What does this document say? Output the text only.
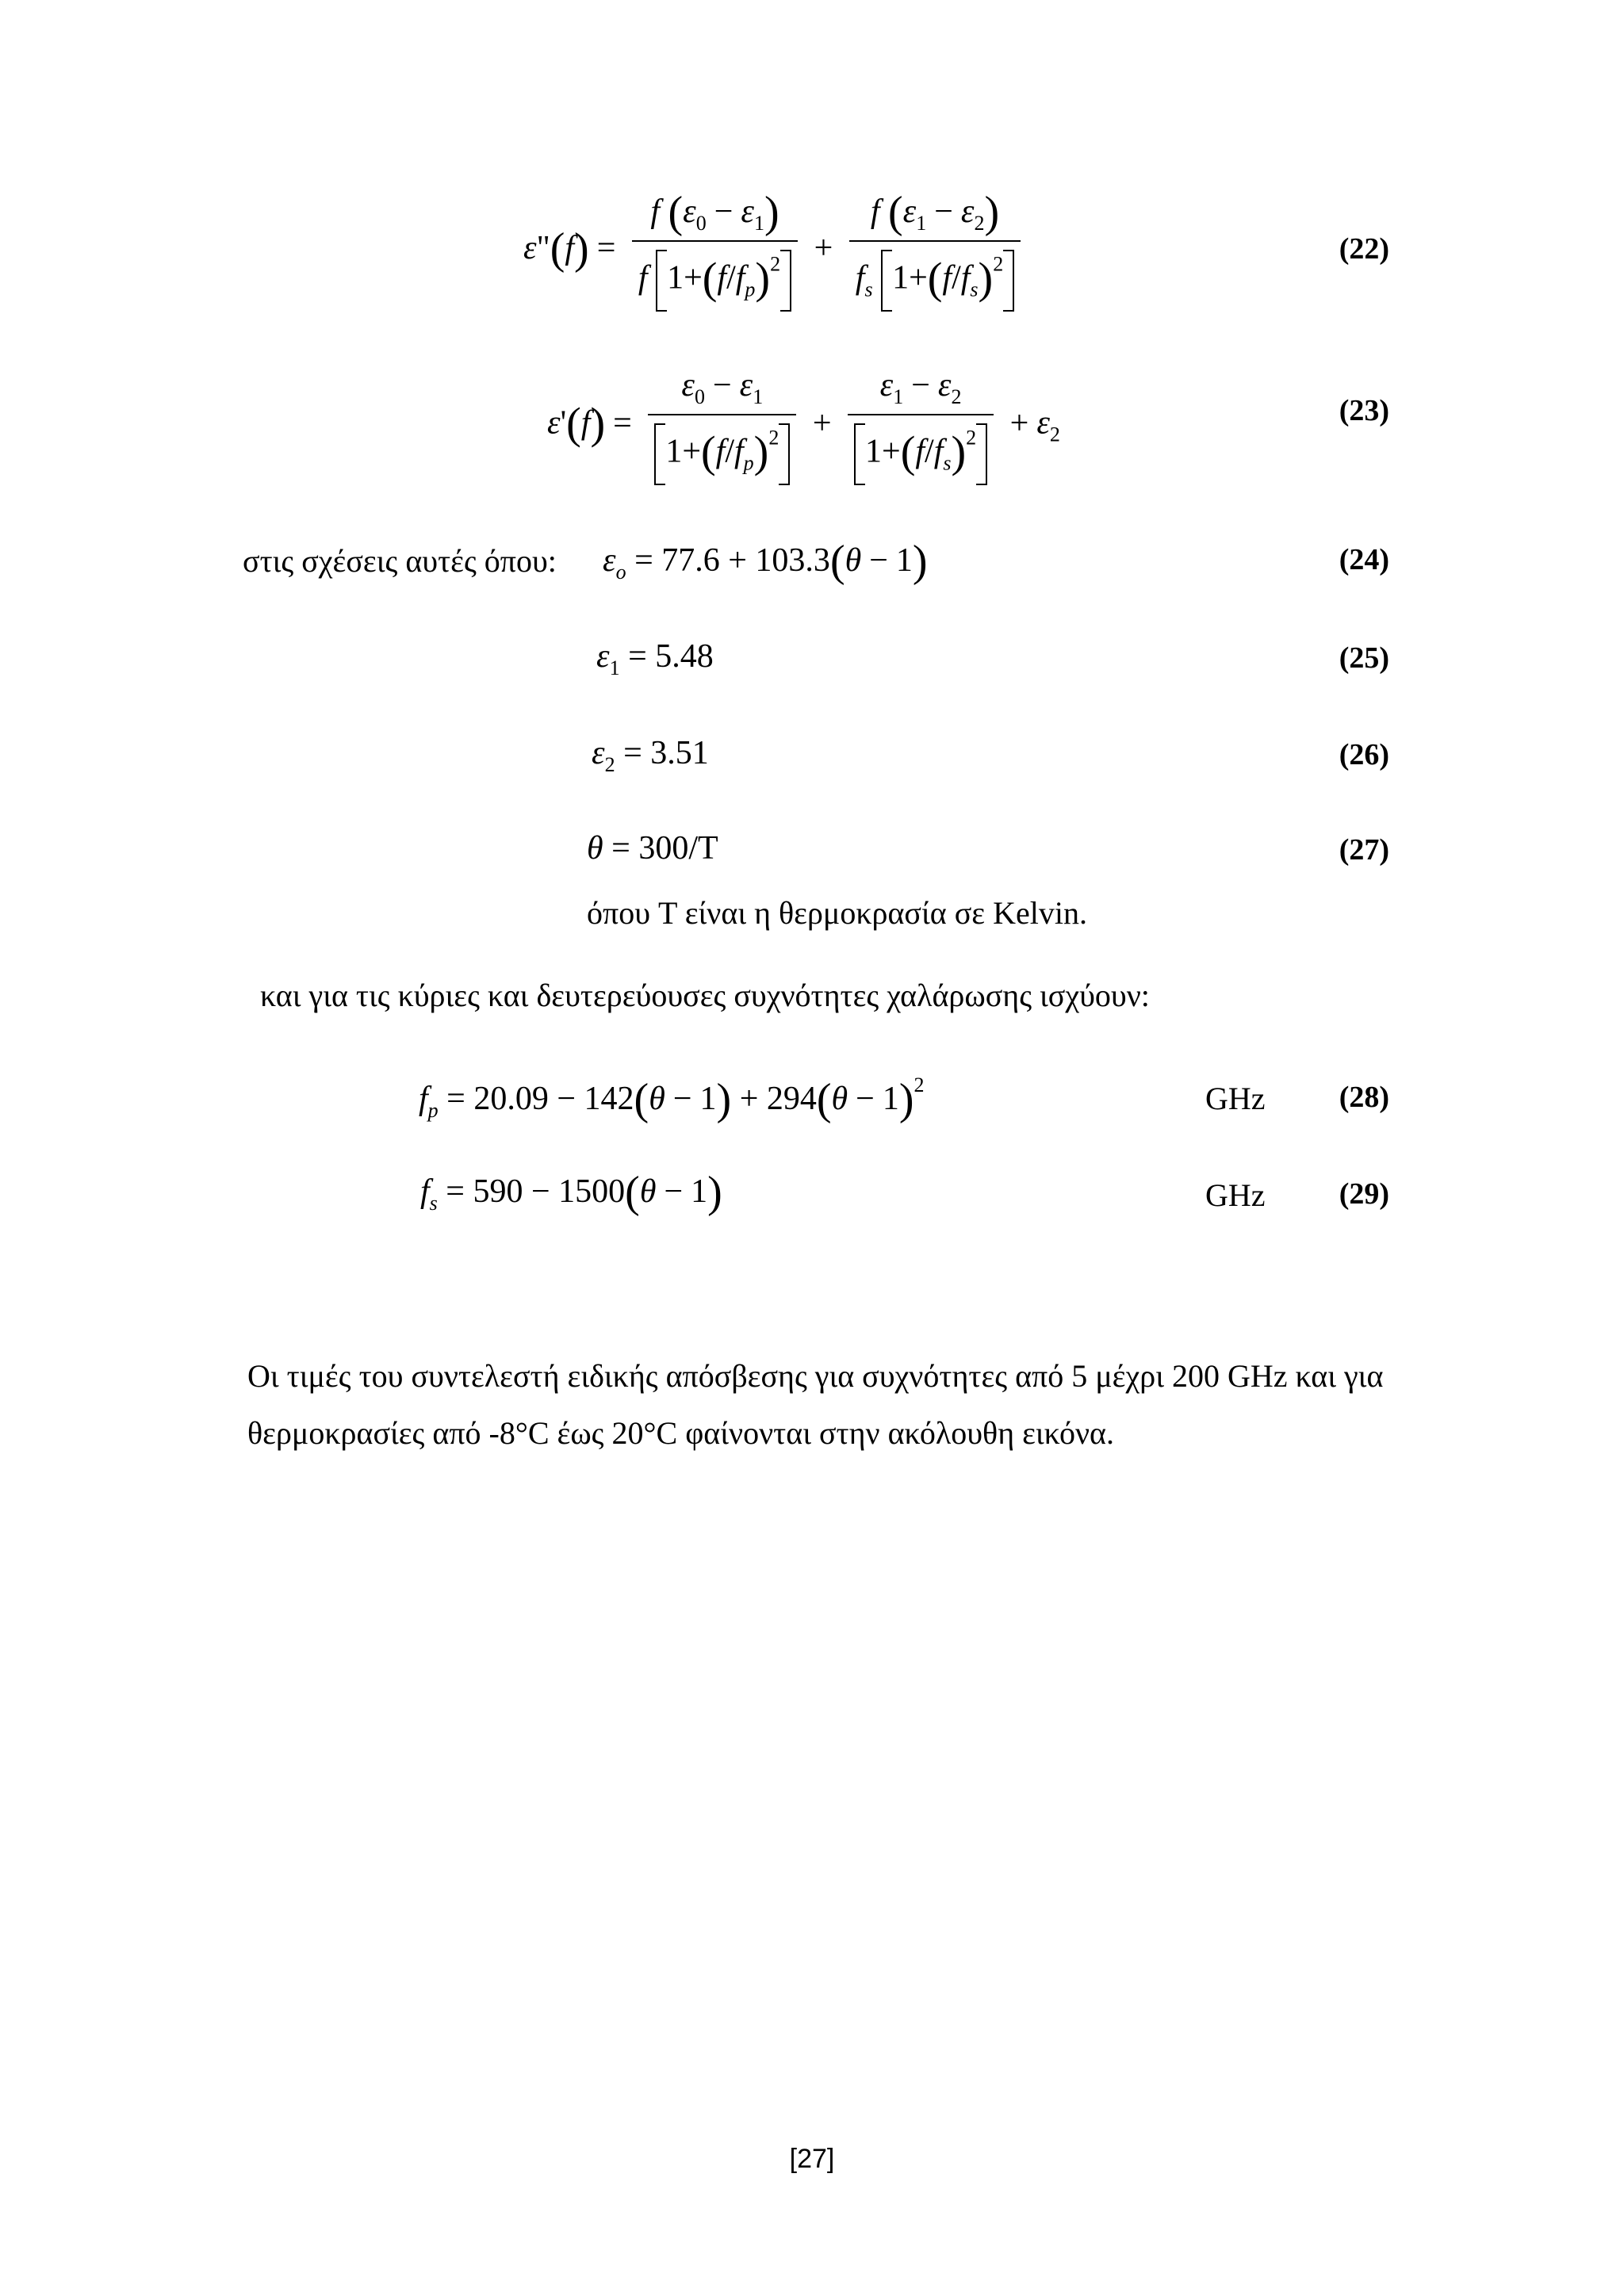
ε"(f) = $\frac{f (\varepsilon_0 - \varepsilon_1)}{f 1+(f/f_p)^2} + \frac{f (\varepsilon_1 - \varepsilon_2)}{f_s 1+(f/f_s)^2}$	(22)
$\varepsilon'(f) = \frac{\varepsilon_0 - \varepsilon_1}{1+(f/f_p)^2} + \frac{\varepsilon_1 - \varepsilon_2}{1+(f/f_s)^2} + \varepsilon_2$
(23)
στις σχέσεις αυτές όπου: $\varepsilon_o = 77.6 + 103.3(\theta - 1)$	(24)
$\varepsilon_1 = 5.48$	(25)
$\varepsilon_2 = 3.51$	(26)
θ = 300/T	(27)
όπου T είναι η θερμοκρασία σε Kelvin.
και για τις κύριες και δευτερεύουσες συχνότητες χαλάρωσης ισχύουν:
$f_p = 20.09 - 142(\theta - 1) + 294(\theta - 1)^2$	GHz (28)
$f_s = 590 - 1500(\theta - 1)$	GHz (29)
Οι τιμές του συντελεστή ειδικής απόσβεσης για συχνότητες από 5 μέχρι 200 GHz και για θερμοκρασίες από -8°C έως 20°C φαίνονται στην ακόλουθη εικόνα.
[27]
